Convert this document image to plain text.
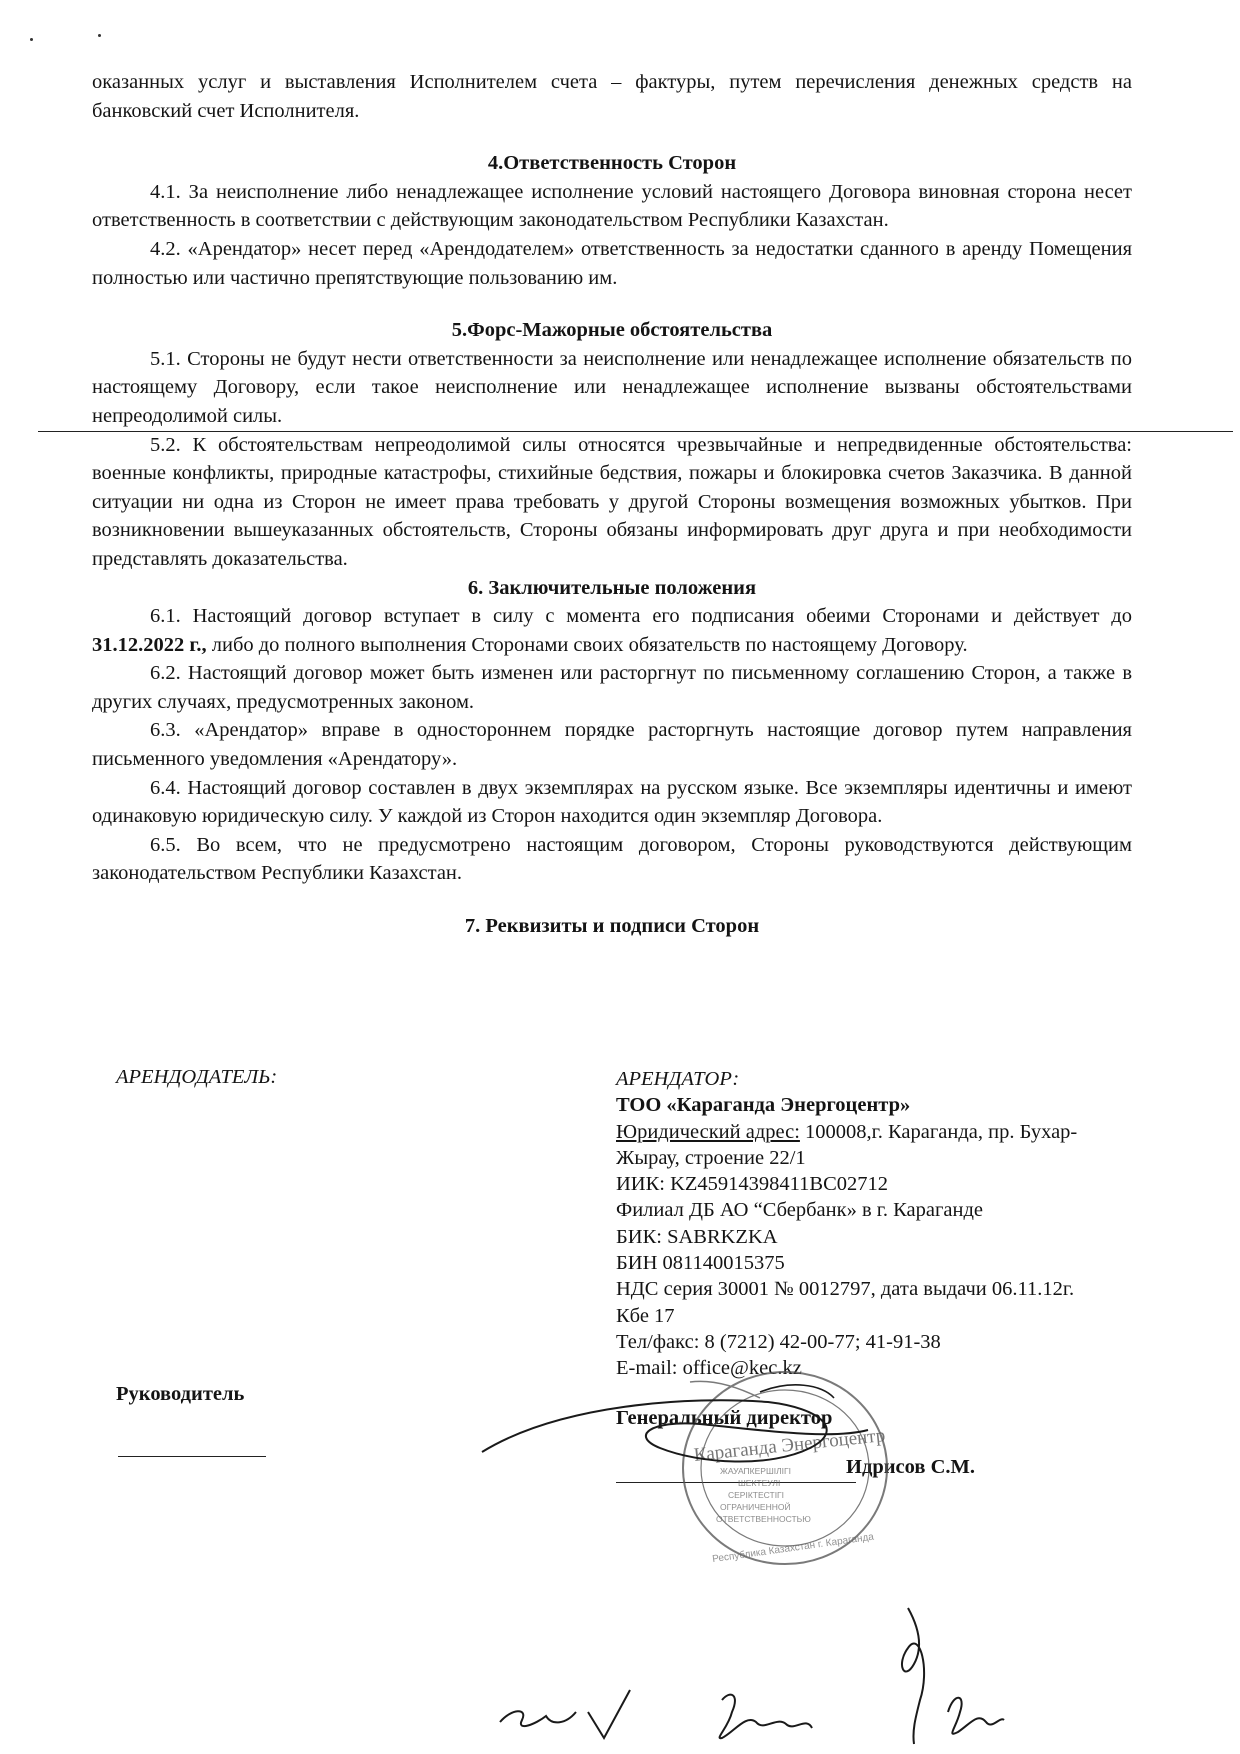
оказанных услуг и выставления Исполнителем счета – фактуры, путем перечисления денежных средств на банковский счет Исполнителя.

4.Ответственность Сторон

4.1. За неисполнение либо ненадлежащее исполнение условий настоящего Договора виновная сторона несет ответственность в соответствии с действующим законодательством Республики Казахстан.

4.2. «Арендатор» несет перед «Арендодателем» ответственность за недостатки сданного в аренду Помещения полностью или частично препятствующие пользованию им.

5.Форс-Мажорные обстоятельства

5.1. Стороны не будут нести ответственности за неисполнение или ненадлежащее исполнение обязательств по настоящему Договору, если такое неисполнение или ненадлежащее исполнение вызваны обстоятельствами непреодолимой силы.

5.2. К обстоятельствам непреодолимой силы относятся чрезвычайные и непредвиденные обстоятельства: военные конфликты, природные катастрофы, стихийные бедствия, пожары и блокировка счетов Заказчика. В данной ситуации ни одна из Сторон не имеет права требовать у другой Стороны возмещения возможных убытков. При возникновении вышеуказанных обстоятельств, Стороны обязаны информировать друг друга и при необходимости представлять доказательства.

6. Заключительные положения

6.1. Настоящий договор вступает в силу с момента его подписания обеими Сторонами и действует до 31.12.2022 г., либо до полного выполнения Сторонами своих обязательств по настоящему Договору.

6.2. Настоящий договор может быть изменен или расторгнут по письменному соглашению Сторон, а также в других случаях, предусмотренных законом.

6.3. «Арендатор» вправе в одностороннем порядке расторгнуть настоящие договор путем направления письменного уведомления «Арендатору».

6.4. Настоящий договор составлен в двух экземплярах на русском языке. Все экземпляры идентичны и имеют одинаковую юридическую силу. У каждой из Сторон находится один экземпляр Договора.

6.5. Во всем, что не предусмотрено настоящим договором, Стороны руководствуются действующим законодательством Республики Казахстан.

7. Реквизиты и подписи Сторон

АРЕНДОДАТЕЛЬ:	АРЕНДАТОР:
ТОО «Караганда Энергоцентр»
Юридический адрес: 100008,г. Караганда, пр. Бухар-
Жырау, строение 22/1
ИИК: KZ45914398411BC02712
Филиал ДБ АО “Сбербанк» в г. Караганде
БИК: SABRKZKA
БИН 081140015375
НДС серия 30001 № 0012797, дата выдачи 06.11.12г.
Кбе 17
Тел/факс: 8 (7212) 42-00-77; 41-91-38
E-mail: office@kec.kz
Руководитель
Генеральный директор
Идрисов С.М.
Караганда Энергоцентр
ЖАУАПКЕРШІЛІГІ
ШЕКТЕУЛІ
СЕРІКТЕСТІГІ
ОГРАНИЧЕННОЙ
ОТВЕТСТВЕННОСТЬЮ
Республика Казахстан г. Караганда
